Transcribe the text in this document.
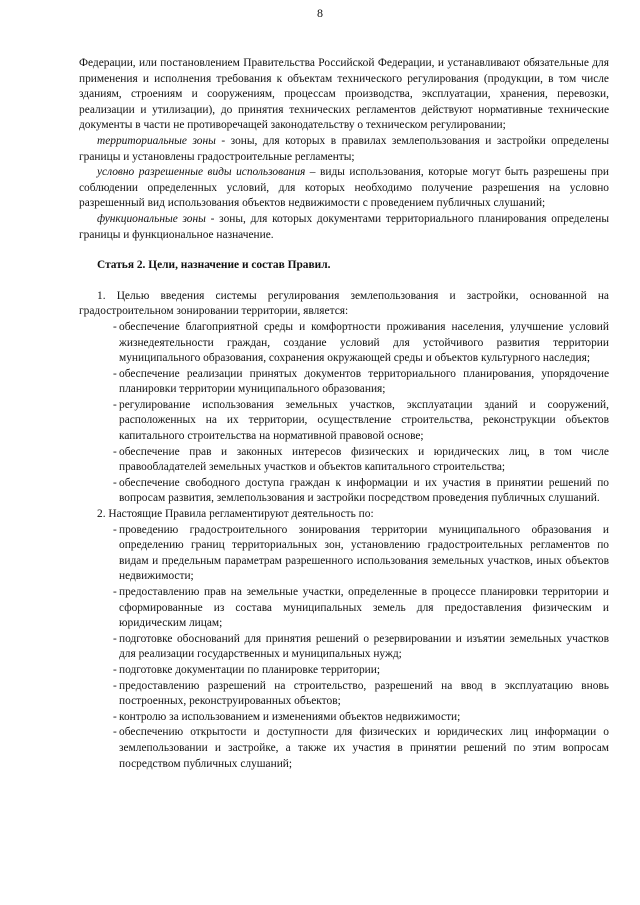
8

Федерации, или постановлением Правительства Российской Федерации, и устанавливают обязательные для применения и исполнения требования к объектам технического регулирования (продукции, в том числе зданиям, строениям и сооружениям, процессам производства, эксплуатации, хранения, перевозки, реализации и утилизации), до принятия технических регламентов действуют нормативные технические документы в части не противоречащей законодательству о техническом регулировании;

территориальные зоны - зоны, для которых в правилах землепользования и застройки определены границы и установлены градостроительные регламенты;

условно разрешенные виды использования – виды использования, которые могут быть разрешены при соблюдении определенных условий, для которых необходимо получение разрешения на условно разрешенный вид использования объектов недвижимости с проведением публичных слушаний;

функциональные зоны - зоны, для которых документами территориального планирования определены границы и функциональное назначение.

Статья 2. Цели, назначение и состав Правил.

1. Целью введения системы регулирования землепользования и застройки, основанной на градостроительном зонировании территории, является:

- обеспечение благоприятной среды и комфортности проживания населения, улучшение условий жизнедеятельности граждан, создание условий для устойчивого развития территории муниципального образования, сохранения окружающей среды и объектов культурного наследия;
- обеспечение реализации принятых документов территориального планирования, упорядочение планировки территории муниципального образования;
- регулирование использования земельных участков, эксплуатации зданий и сооружений, расположенных на их территории, осуществление строительства, реконструкции объектов капитального строительства на нормативной правовой основе;
- обеспечение прав и законных интересов физических и юридических лиц, в том числе правообладателей земельных участков и объектов капитального строительства;
- обеспечение свободного доступа граждан к информации и их участия в принятии решений по вопросам развития, землепользования и застройки посредством проведения публичных слушаний.

2. Настоящие Правила регламентируют деятельность по:

- проведению градостроительного зонирования территории муниципального образования и определению границ территориальных зон, установлению градостроительных регламентов по видам и предельным параметрам разрешенного использования земельных участков, иных объектов недвижимости;
- предоставлению прав на земельные участки, определенные в процессе планировки территории и сформированные из состава муниципальных земель для предоставления физическим и юридическим лицам;
- подготовке обоснований для принятия решений о резервировании и изъятии земельных участков для реализации государственных и муниципальных нужд;
- подготовке документации по планировке территории;
- предоставлению разрешений на строительство, разрешений на ввод в эксплуатацию вновь построенных, реконструированных объектов;
- контролю за использованием и изменениями объектов недвижимости;
- обеспечению открытости и доступности для физических и юридических лиц информации о землепользовании и застройке, а также их участия в принятии решений по этим вопросам посредством публичных слушаний;
